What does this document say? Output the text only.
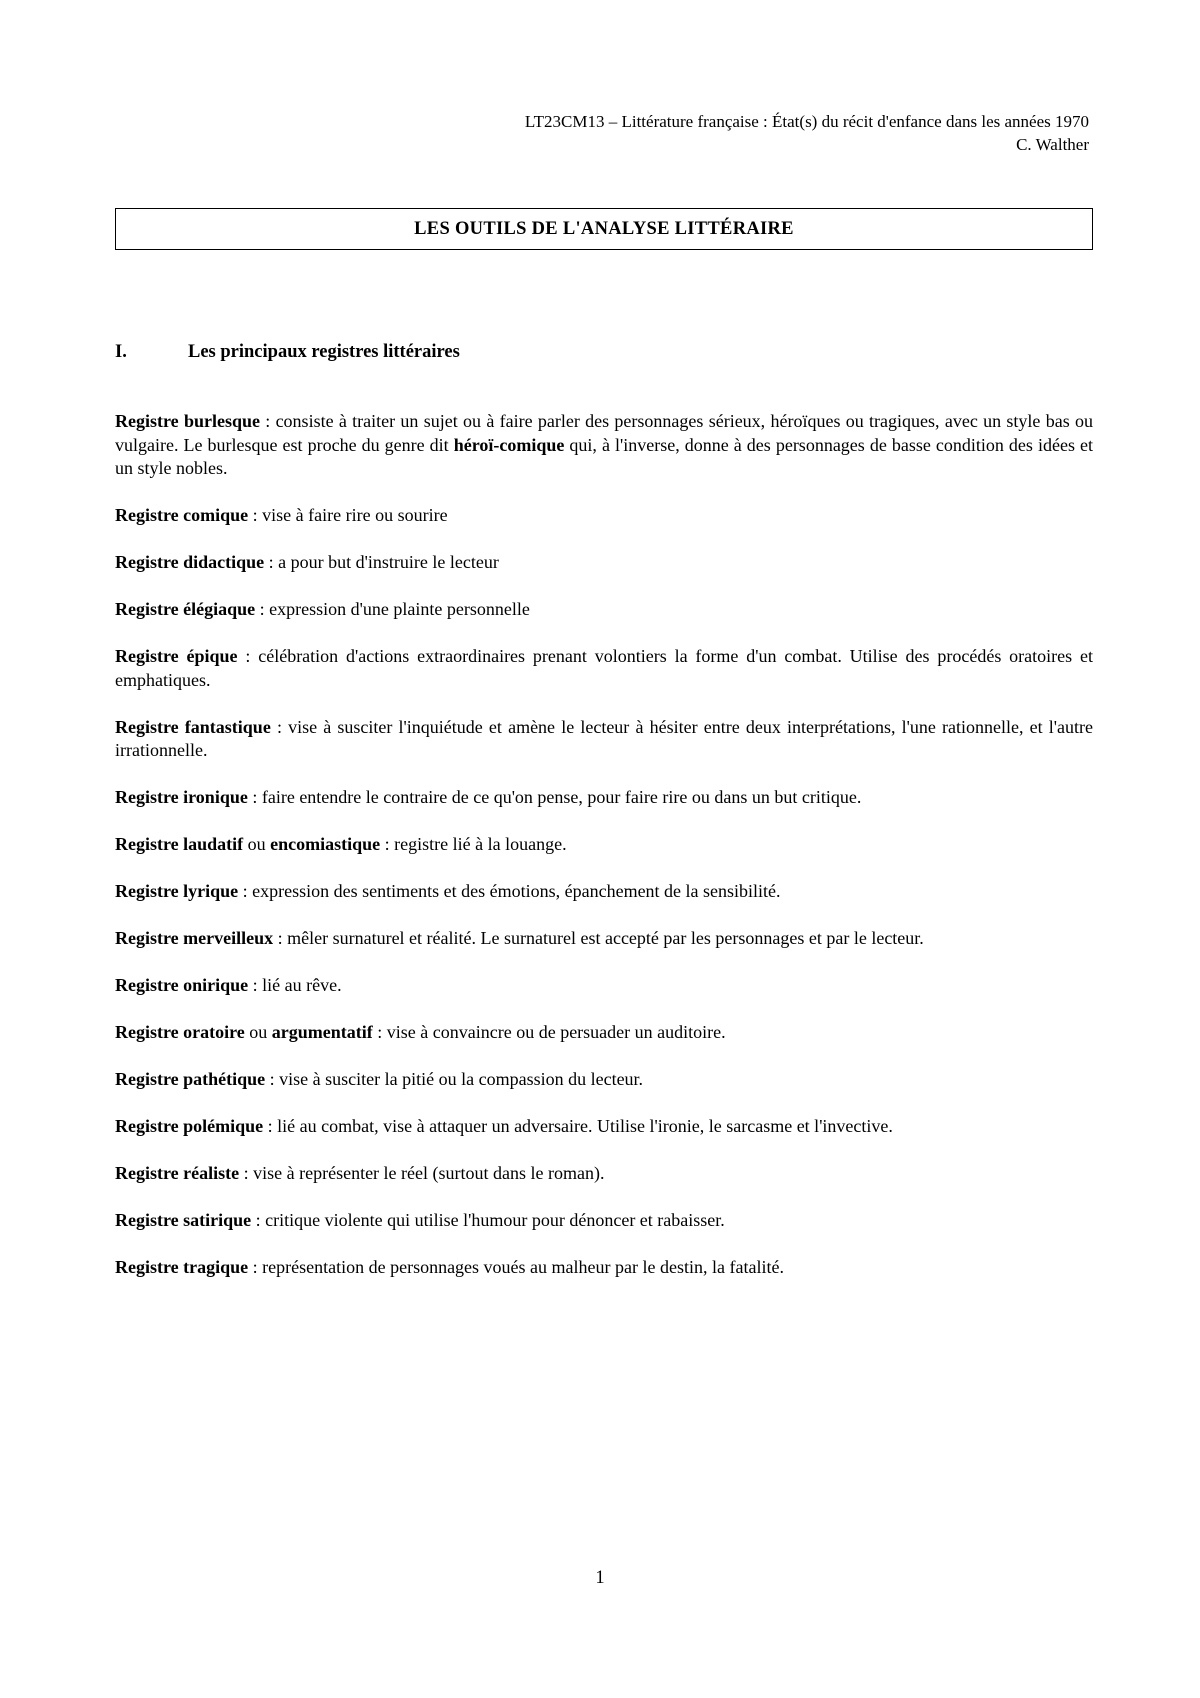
LT23CM13 – Littérature française : État(s) du récit d'enfance dans les années 1970
C. Walther
LES OUTILS DE L'ANALYSE LITTÉRAIRE
I.	Les principaux registres littéraires

Registre burlesque : consiste à traiter un sujet ou à faire parler des personnages sérieux, héroïques ou tragiques, avec un style bas ou vulgaire. Le burlesque est proche du genre dit héroï-comique qui, à l'inverse, donne à des personnages de basse condition des idées et un style nobles.

Registre comique : vise à faire rire ou sourire

Registre didactique : a pour but d'instruire le lecteur

Registre élégiaque : expression d'une plainte personnelle

Registre épique : célébration d'actions extraordinaires prenant volontiers la forme d'un combat. Utilise des procédés oratoires et emphatiques.

Registre fantastique : vise à susciter l'inquiétude et amène le lecteur à hésiter entre deux interprétations, l'une rationnelle, et l'autre irrationnelle.

Registre ironique : faire entendre le contraire de ce qu'on pense, pour faire rire ou dans un but critique.

Registre laudatif ou encomiastique : registre lié à la louange.

Registre lyrique : expression des sentiments et des émotions, épanchement de la sensibilité.

Registre merveilleux : mêler surnaturel et réalité. Le surnaturel est accepté par les personnages et par le lecteur.

Registre onirique : lié au rêve.

Registre oratoire ou argumentatif : vise à convaincre ou de persuader un auditoire.

Registre pathétique : vise à susciter la pitié ou la compassion du lecteur.

Registre polémique : lié au combat, vise à attaquer un adversaire. Utilise l'ironie, le sarcasme et l'invective.

Registre réaliste : vise à représenter le réel (surtout dans le roman).

Registre satirique : critique violente qui utilise l'humour pour dénoncer et rabaisser.

Registre tragique : représentation de personnages voués au malheur par le destin, la fatalité.

1
